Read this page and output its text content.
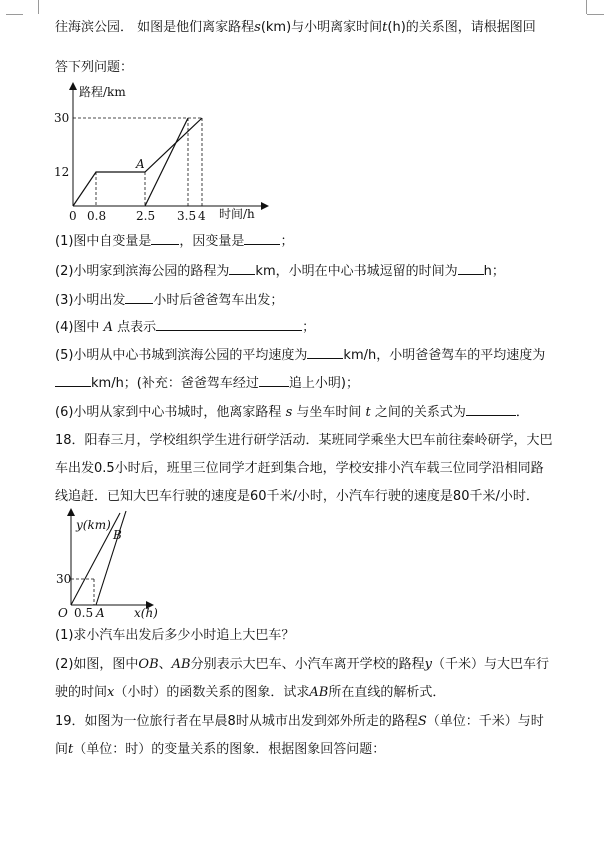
往海滨公园． 如图是他们离家路程s(km)与小明离家时间t(h)的关系图，请根据图回
答下列问题：
路程/km
时间/h
A
30
12
0 0.8 2.5 3.5 4
(1)图中自变量是 ，因变量是	；
(2)小明家到滨海公园的路程为 km，小明在中心书城逗留的时间为 h；
(3)小明出发 小时后爸爸驾车出发；
(4)图中 A 点表示	；
(5)小明从中心书城到滨海公园的平均速度为	km/h，小明爸爸驾车的平均速度为
km/h；(补充：爸爸驾车经过 追上小明)；
(6)小明从家到中心书城时，他离家路程 s 与坐车时间 t 之间的关系式为	．
18．阳春三月，学校组织学生进行研学活动．某班同学乘坐大巴车前往秦岭研学，大巴
车出发0.5小时后，班里三位同学才赶到集合地，学校安排小汽车载三位同学沿相同路
线追赶．已知大巴车行驶的速度是60千米/小时，小汽车行驶的速度是80千米/小时．
y(km)
x(h)
O
B
30
0.5 A
(1)求小汽车出发后多少小时追上大巴车？
(2)如图，图中OB、AB分别表示大巴车、小汽车离开学校的路程y（千米）与大巴车行
驶的时间x（小时）的函数关系的图象．试求AB所在直线的解析式．
19．如图为一位旅行者在早晨8时从城市出发到郊外所走的路程S（单位：千米）与时
间t（单位：时）的变量关系的图象．根据图象回答问题：
